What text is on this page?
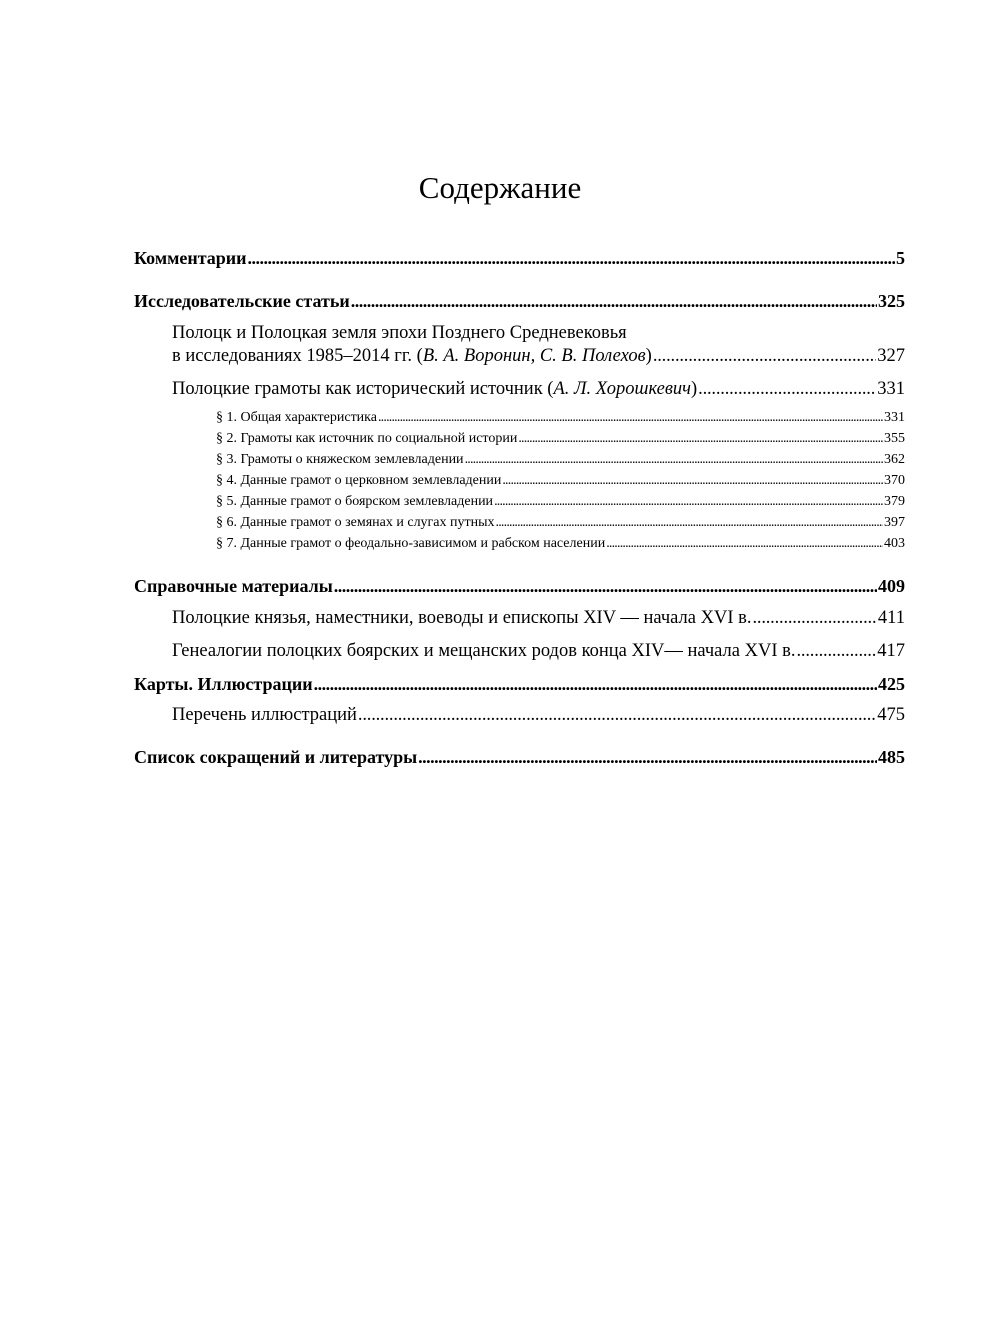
Содержание
Комментарии .....	5
Исследовательские статьи .....	325
Полоцк и Полоцкая земля эпохи Позднего Средневековья
в исследованиях 1985–2014 гг. (В. А. Воронин, С. В. Полехов) .....	327
Полоцкие грамоты как исторический источник (А. Л. Хорошкевич) .....	331
§ 1. Общая характеристика .....	331
§ 2. Грамоты как источник по социальной истории .....	355
§ 3. Грамоты о княжеском землевладении .....	362
§ 4. Данные грамот о церковном землевладении .....	370
§ 5. Данные грамот о боярском землевладении .....	379
§ 6. Данные грамот о земянах и слугах путных .....	397
§ 7. Данные грамот о феодально-зависимом и рабском населении .....	403
Справочные материалы .....	409
Полоцкие князья, наместники, воеводы и епископы XIV — начала XVI в. .....	411
Генеалогии полоцких боярских и мещанских родов конца XIV— начала XVI в. .....	417
Карты. Иллюстрации .....	425
Перечень иллюстраций .....	475
Список сокращений и литературы .....	485
